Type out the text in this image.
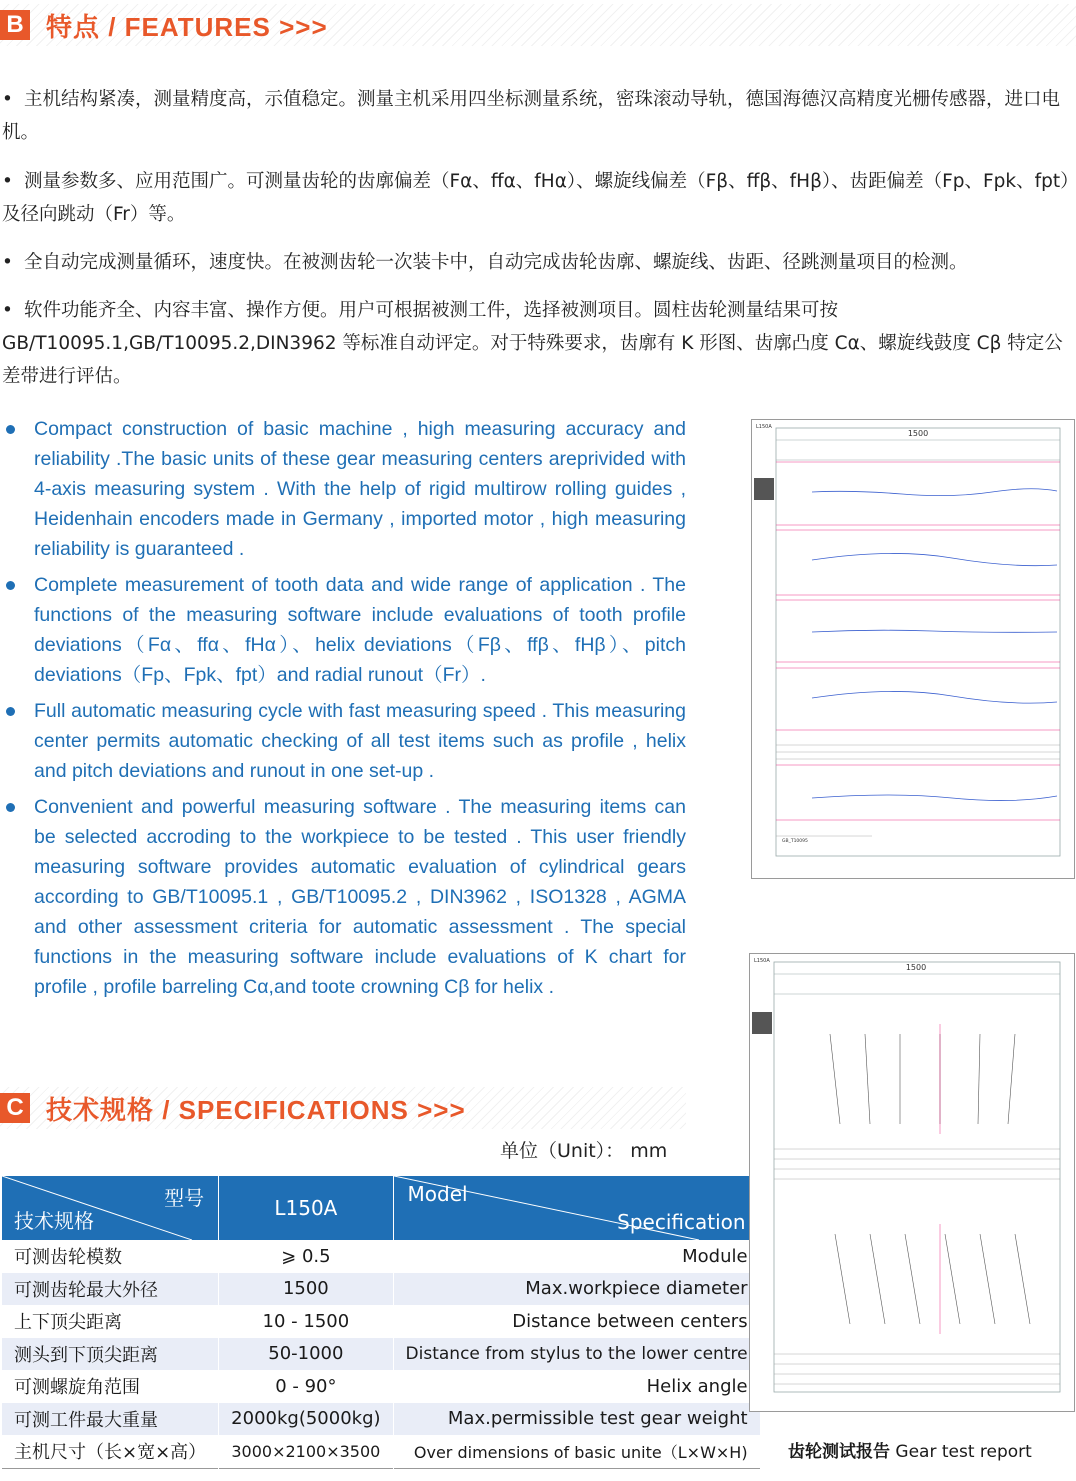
B 特点 / FEATURES >>>
• 主机结构紧凑，测量精度高，示值稳定。测量主机采用四坐标测量系统，密珠滚动导轨，德国海德汉高精度光栅传感器，进口电机。
• 测量参数多、应用范围广。可测量齿轮的齿廓偏差（Fα、ffα、fHα）、螺旋线偏差（Fβ、ffβ、fHβ）、齿距偏差（Fp、Fpk、fpt）及径向跳动（Fr）等。
• 全自动完成测量循环，速度快。在被测齿轮一次装卡中，自动完成齿轮齿廓、螺旋线、齿距、径跳测量项目的检测。
• 软件功能齐全、内容丰富、操作方便。用户可根据被测工件，选择被测项目。圆柱齿轮测量结果可按 GB/T10095.1,GB/T10095.2,DIN3962 等标准自动评定。对于特殊要求，齿廓有 K 形图、齿廓凸度 Cα、螺旋线鼓度 Cβ 特定公差带进行评估。
Compact construction of basic machine , high measuring accuracy and reliability .The basic units of these gear measuring centers areprivided with 4-axis measuring system . With the help of rigid multirow rolling guides , Heidenhain encoders made in Germany , imported motor , high measuring reliability is guaranteed .
Complete measurement of tooth data and wide range of application . The functions of the measuring software include evaluations of tooth profile deviations（Fα、ffα、fHα）、helix deviations（Fβ、ffβ、fHβ）、pitch deviations（Fp、Fpk、fpt）and radial runout（Fr）.
Full automatic measuring cycle with fast measuring speed . This measuring center permits automatic checking of all test items such as profile , helix and pitch deviations and runout in one set-up .
Convenient and powerful measuring software . The measuring items can be selected accroding to the workpiece to be tested . This user friendly measuring software provides automatic evaluation of cylindrical gears according to GB/T10095.1 , GB/T10095.2 , DIN3962 , ISO1328 , AGMA and other assessment criteria for automatic assessment . The special functions in the measuring software include evaluations of K chart for profile , profile barreling Cα,and toote crowning Cβ for helix .
C 技术规格 / SPECIFICATIONS >>>
单位（Unit）： mm
型号
技术规格	L150A	Model
Specification

可测齿轮模数	⩾ 0.5	Module
可测齿轮最大外径	1500	Max.workpiece diameter
上下顶尖距离	10 - 1500	Distance between centers
测头到下顶尖距离	50-1000	Distance from stylus to the lower centre
可测螺旋角范围	0 - 90°	Helix angle
可测工件最大重量	2000kg(5000kg)	Max.permissible test gear weight
主机尺寸（长×宽×高）	3000×2100×3500	Over dimensions of basic unite（L×W×H)
L150A
1500
GB_T10095
L150A
1500
齿轮测试报告 Gear test report
